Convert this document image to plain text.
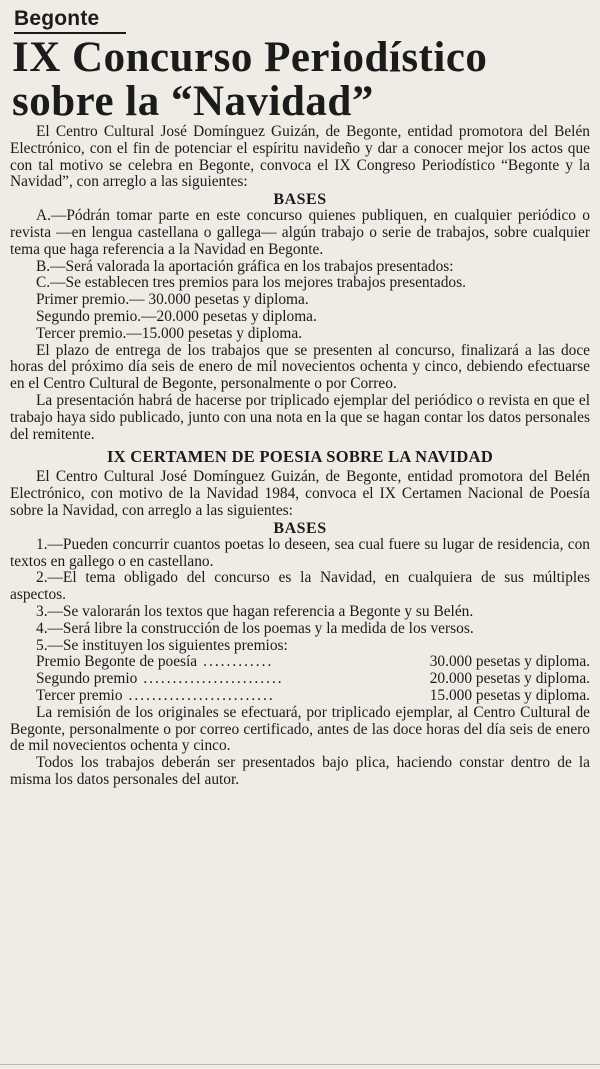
Begonte
IX Concurso Periodístico
sobre la “Navidad”

El Centro Cultural José Domínguez Guizán, de Begonte, entidad promotora del Belén Electrónico, con el fin de potenciar el espíritu navideño y dar a conocer mejor los actos que con tal motivo se celebra en Begonte, convoca el IX Congreso Periodístico “Begonte y la Navidad”, con arreglo a las siguientes:

BASES

A.—Pódrán tomar parte en este concurso quienes publiquen, en cualquier periódico o revista —en lengua castellana o gallega— algún trabajo o serie de trabajos, sobre cualquier tema que haga referencia a la Navidad en Begonte.

B.—Será valorada la aportación gráfica en los trabajos presentados:

C.—Se establecen tres premios para los mejores trabajos presentados.

Primer premio.— 30.000 pesetas y diploma.

Segundo premio.—20.000 pesetas y diploma.

Tercer premio.—15.000 pesetas y diploma.

El plazo de entrega de los trabajos que se presenten al concurso, finalizará a las doce horas del próximo día seis de enero de mil novecientos ochenta y cinco, debiendo efectuarse en el Centro Cultural de Begonte, personalmente o por Correo.

La presentación habrá de hacerse por triplicado ejemplar del periódico o revista en que el trabajo haya sido publicado, junto con una nota en la que se hagan contar los datos personales del remitente.

IX CERTAMEN DE POESIA SOBRE LA NAVIDAD

El Centro Cultural José Domínguez Guizán, de Begonte, entidad promotora del Belén Electrónico, con motivo de la Navidad 1984, convoca el IX Certamen Nacional de Poesía sobre la Navidad, con arreglo a las siguientes:

BASES

1.—Pueden concurrir cuantos poetas lo deseen, sea cual fuere su lugar de residencia, con textos en gallego o en castellano.

2.—El tema obligado del concurso es la Navidad, en cualquiera de sus múltiples aspectos.

3.—Se valorarán los textos que hagan referencia a Begonte y su Belén.

4.—Será libre la construcción de los poemas y la medida de los versos.

5.—Se instituyen los siguientes premios:

Premio Begonte de poesía ............	30.000 pesetas y diploma.
Segundo premio ........................	20.000 pesetas y diploma.
Tercer premio .........................	15.000 pesetas y diploma.

La remisión de los originales se efectuará, por triplicado ejemplar, al Centro Cultural de Begonte, personalmente o por correo certificado, antes de las doce horas del día seis de enero de mil novecientos ochenta y cinco.

Todos los trabajos deberán ser presentados bajo plica, haciendo constar dentro de la misma los datos personales del autor.
